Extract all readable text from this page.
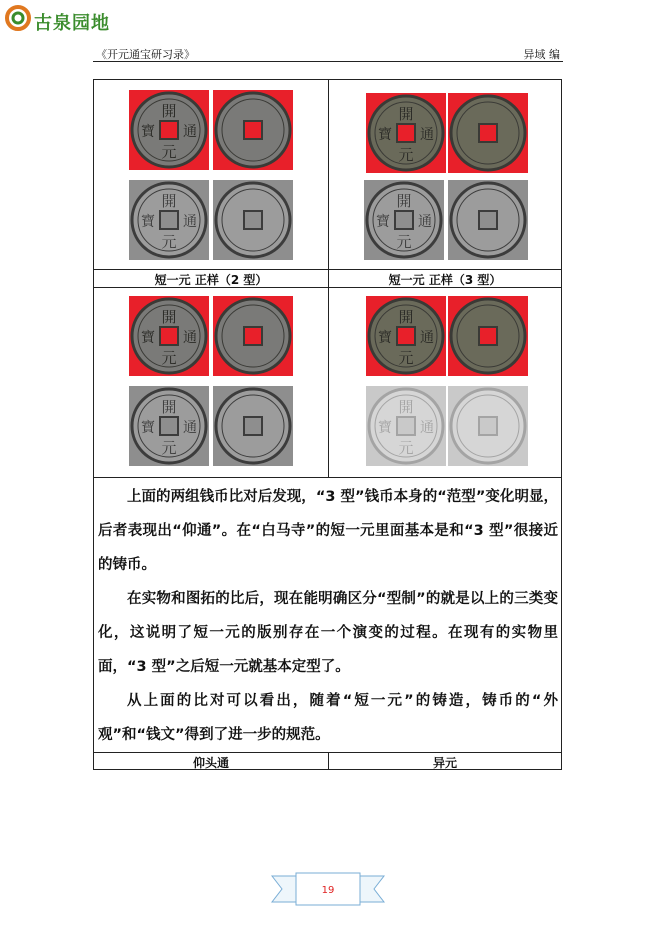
古泉园地
《开元通宝研习录》	异域 编
開
元
寶 通
開
元
寶 通
開
元
寶 通
開
元
寶 通
開
元
寶 通
開
元
寶 通
開
元
寶 通
開
元
寶 通
短一元 正样（2 型）	短一元 正样（3 型）

上面的两组钱币比对后发现，“3 型”钱币本身的“范型”变化明显，后者表现出“仰通”。在“白马寺”的短一元里面基本是和“3 型”很接近的铸币。

在实物和图拓的比后，现在能明确区分“型制”的就是以上的三类变化，这说明了短一元的版别存在一个演变的过程。在现有的实物里面，“3 型”之后短一元就基本定型了。

从上面的比对可以看出，随着“短一元”的铸造，铸币的“外观”和“钱文”得到了进一步的规范。

仰头通	异元
19
